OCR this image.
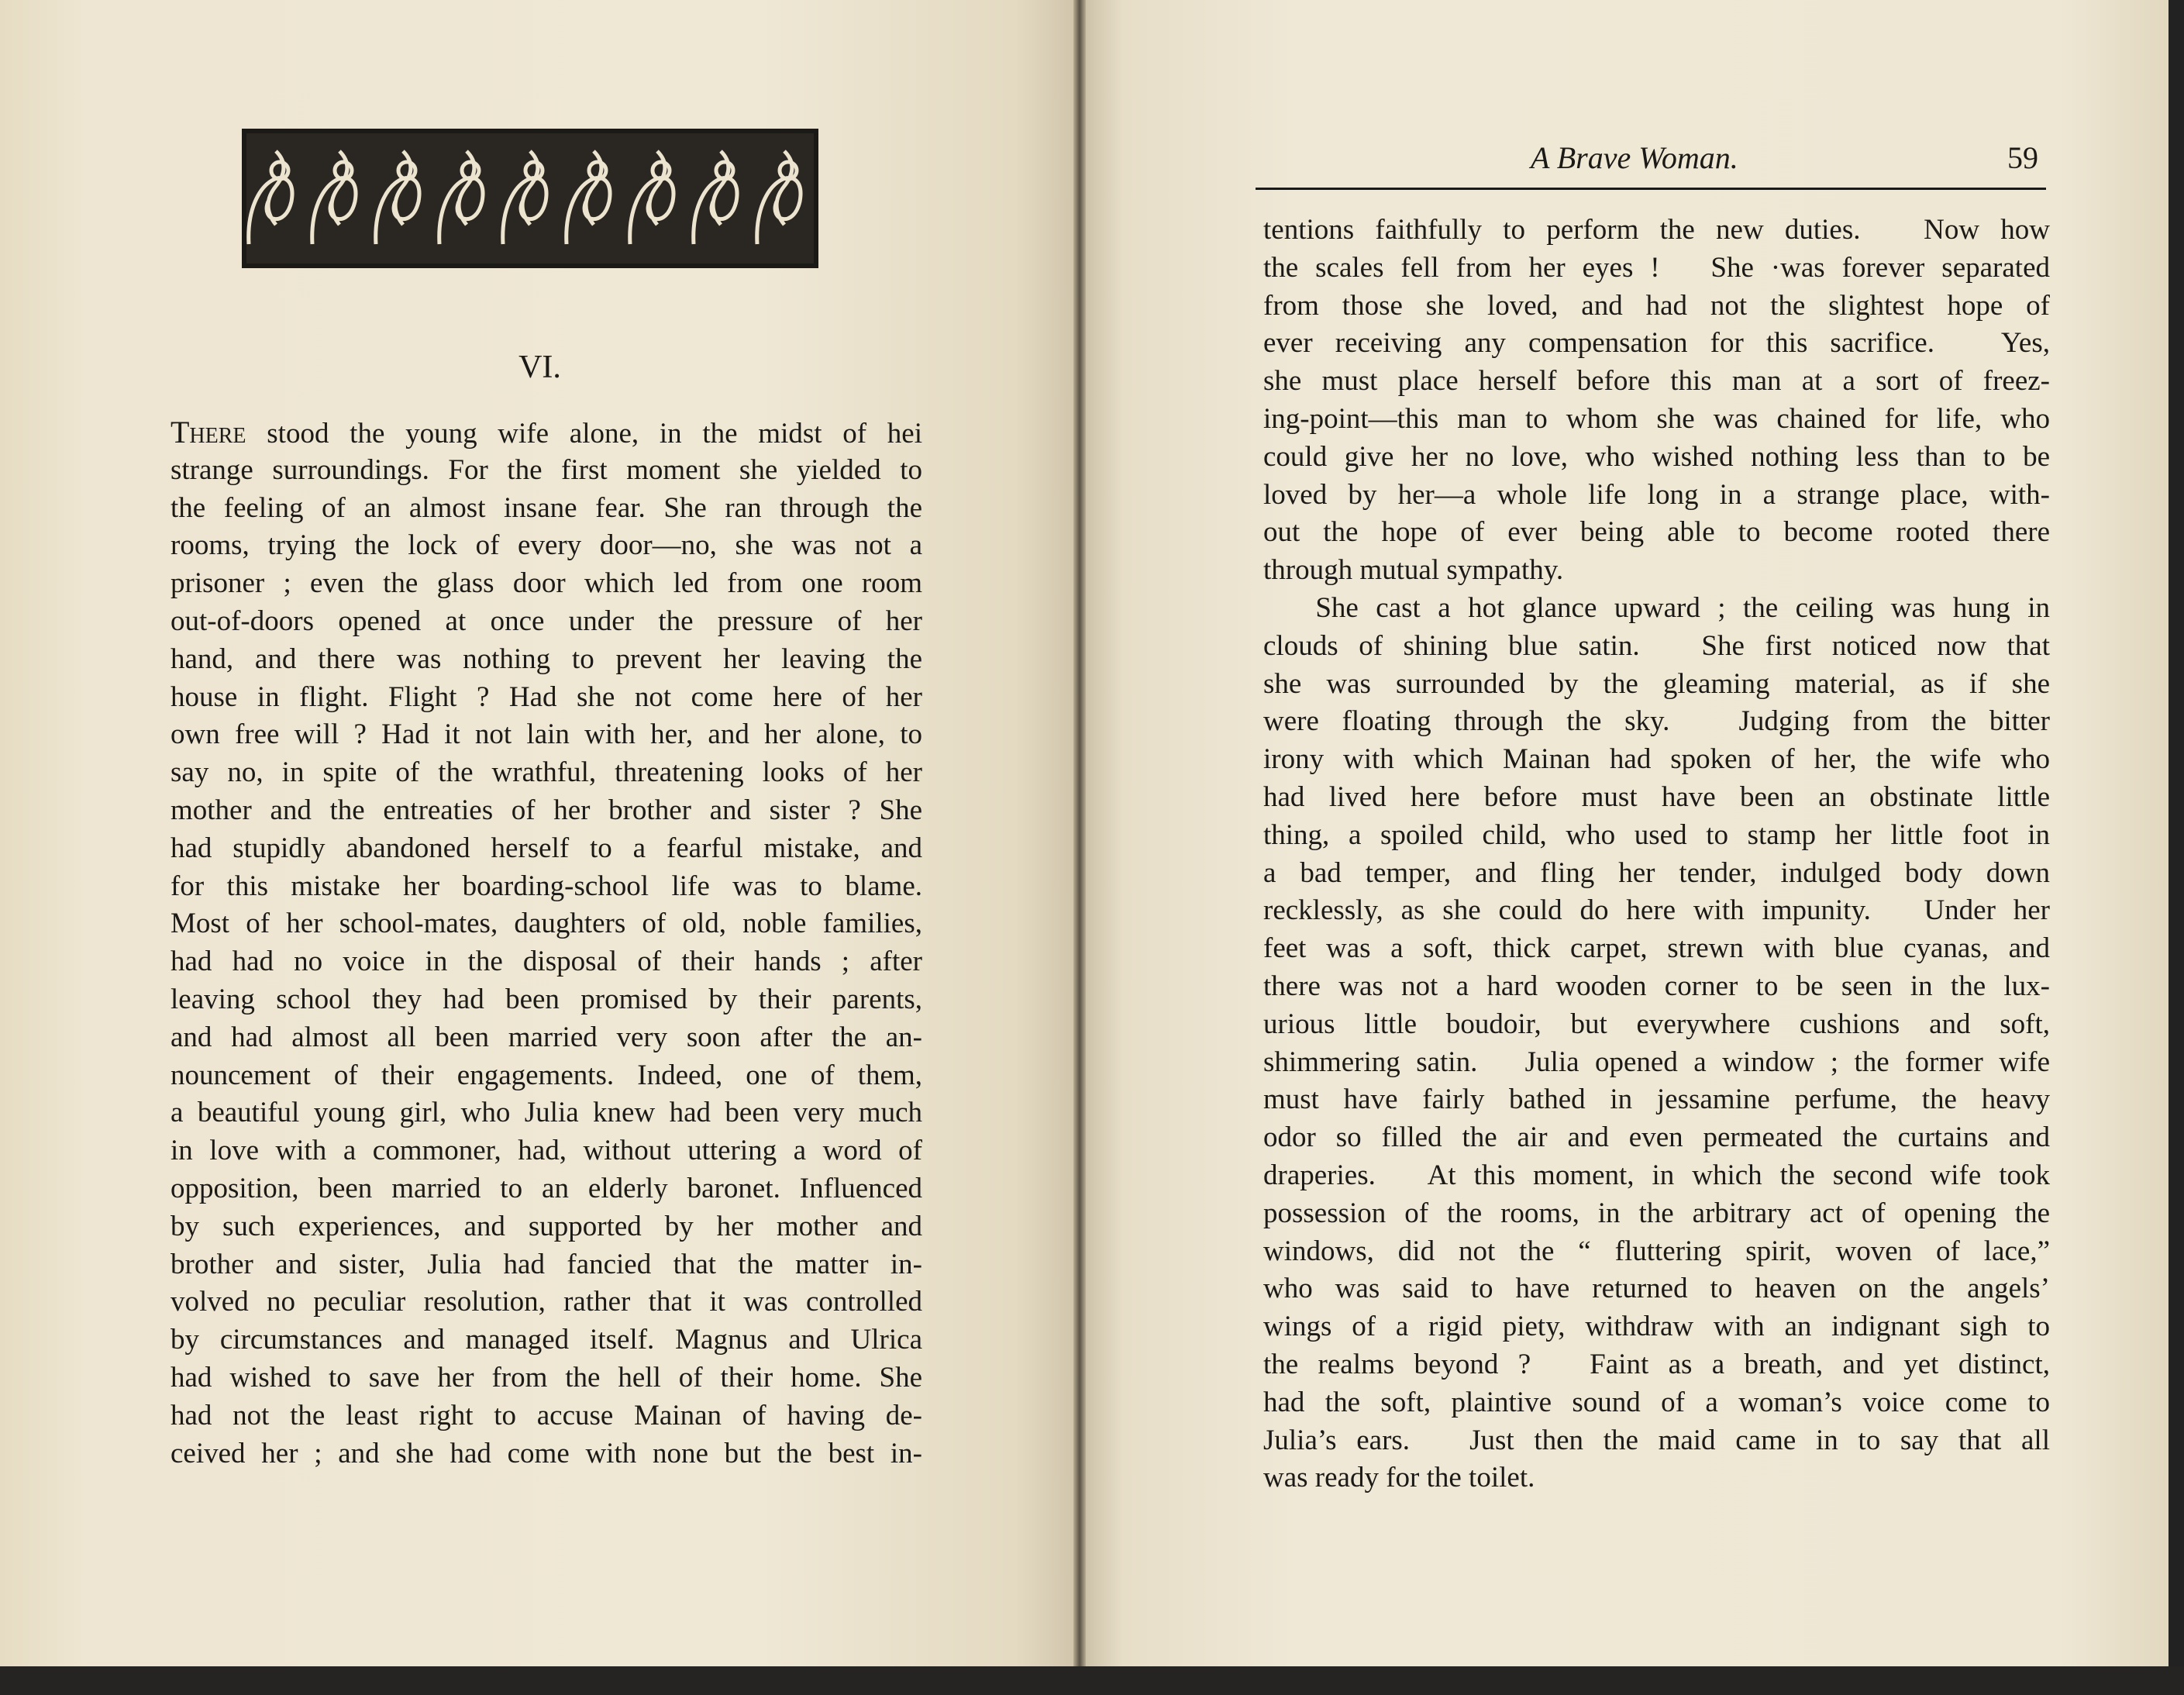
VI.
There stood the young wife alone, in the midst of hei
strange surroundings. For the first moment she yielded to
the feeling of an almost insane fear. She ran through the
rooms, trying the lock of every door—no, she was not a
prisoner ; even the glass door which led from one room
out-of-doors opened at once under the pressure of her
hand, and there was nothing to prevent her leaving the
house in flight. Flight ? Had she not come here of her
own free will ? Had it not lain with her, and her alone, to
say no, in spite of the wrathful, threatening looks of her
mother and the entreaties of her brother and sister ? She
had stupidly abandoned herself to a fearful mistake, and
for this mistake her boarding-school life was to blame.
Most of her school-mates, daughters of old, noble families,
had had no voice in the disposal of their hands ; after
leaving school they had been promised by their parents,
and had almost all been married very soon after the an-
nouncement of their engagements. Indeed, one of them,
a beautiful young girl, who Julia knew had been very much
in love with a commoner, had, without uttering a word of
opposition, been married to an elderly baronet. Influenced
by such experiences, and supported by her mother and
brother and sister, Julia had fancied that the matter in-
volved no peculiar resolution, rather that it was controlled
by circumstances and managed itself. Magnus and Ulrica
had wished to save her from the hell of their home. She
had not the least right to accuse Mainan of having de-
ceived her ; and she had come with none but the best in-
A Brave Woman.	59
tentions faithfully to perform the new duties.   Now how
the scales fell from her eyes !   She ·was forever separated
from those she loved, and had not the slightest hope of
ever receiving any compensation for this sacrifice.   Yes,
she must place herself before this man at a sort of freez-
ing-point—this man to whom she was chained for life, who
could give her no love, who wished nothing less than to be
loved by her—a whole life long in a strange place, with-
out the hope of ever being able to become rooted there
through mutual sympathy.
She cast a hot glance upward ; the ceiling was hung in
clouds of shining blue satin.   She first noticed now that
she was surrounded by the gleaming material, as if she
were floating through the sky.   Judging from the bitter
irony with which Mainan had spoken of her, the wife who
had lived here before must have been an obstinate little
thing, a spoiled child, who used to stamp her little foot in
a bad temper, and fling her tender, indulged body down
recklessly, as she could do here with impunity.   Under her
feet was a soft, thick carpet, strewn with blue cyanas, and
there was not a hard wooden corner to be seen in the lux-
urious little boudoir, but everywhere cushions and soft,
shimmering satin.   Julia opened a window ; the former wife
must have fairly bathed in jessamine perfume, the heavy
odor so filled the air and even permeated the curtains and
draperies.   At this moment, in which the second wife took
possession of the rooms, in the arbitrary act of opening the
windows, did not the “ fluttering spirit, woven of lace,”
who was said to have returned to heaven on the angels’
wings of a rigid piety, withdraw with an indignant sigh to
the realms beyond ?   Faint as a breath, and yet distinct,
had the soft, plaintive sound of a woman’s voice come to
Julia’s ears.   Just then the maid came in to say that all
was ready for the toilet.
